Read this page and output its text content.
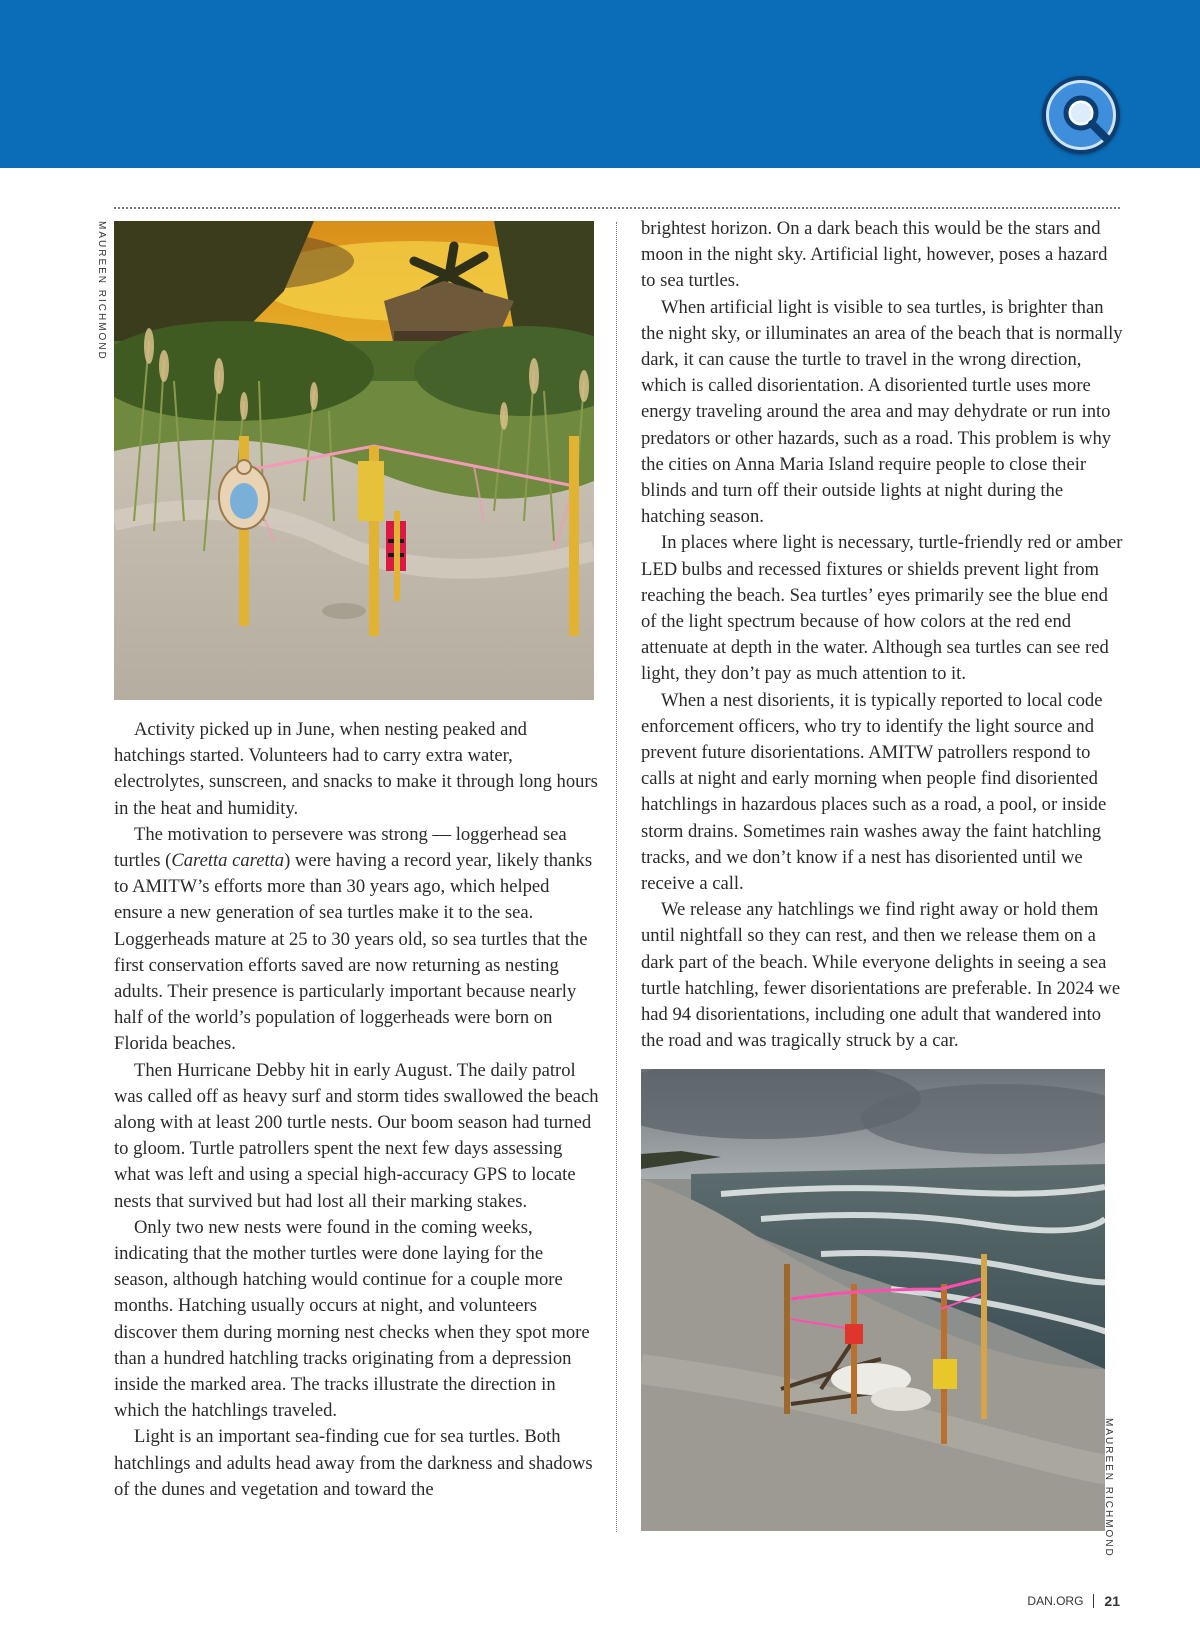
MAUREEN RICHMOND

Activity picked up in June, when nesting peaked and hatchings started. Volunteers had to carry extra water, electrolytes, sunscreen, and snacks to make it through long hours in the heat and humidity.

The motivation to persevere was strong — loggerhead sea turtles (Caretta caretta) were having a record year, likely thanks to AMITW’s efforts more than 30 years ago, which helped ensure a new generation of sea turtles make it to the sea. Loggerheads mature at 25 to 30 years old, so sea turtles that the first conservation efforts saved are now returning as nesting adults. Their presence is particularly important because nearly half of the world’s population of loggerheads were born on Florida beaches.

Then Hurricane Debby hit in early August. The daily patrol was called off as heavy surf and storm tides swallowed the beach along with at least 200 turtle nests. Our boom season had turned to gloom. Turtle patrollers spent the next few days assessing what was left and using a special high-accuracy GPS to locate nests that survived but had lost all their marking stakes.

Only two new nests were found in the coming weeks, indicating that the mother turtles were done laying for the season, although hatching would continue for a couple more months. Hatching usually occurs at night, and volunteers discover them during morning nest checks when they spot more than a hundred hatchling tracks originating from a depression inside the marked area. The tracks illustrate the direction in which the hatchlings traveled.

Light is an important sea-finding cue for sea turtles. Both hatchlings and adults head away from the darkness and shadows of the dunes and vegetation and toward the

brightest horizon. On a dark beach this would be the stars and moon in the night sky. Artificial light, however, poses a hazard to sea turtles.

When artificial light is visible to sea turtles, is brighter than the night sky, or illuminates an area of the beach that is normally dark, it can cause the turtle to travel in the wrong direction, which is called disorientation. A disoriented turtle uses more energy traveling around the area and may dehydrate or run into predators or other hazards, such as a road. This problem is why the cities on Anna Maria Island require people to close their blinds and turn off their outside lights at night during the hatching season.

In places where light is necessary, turtle-friendly red or amber LED bulbs and recessed fixtures or shields prevent light from reaching the beach. Sea turtles’ eyes primarily see the blue end of the light spectrum because of how colors at the red end attenuate at depth in the water. Although sea turtles can see red light, they don’t pay as much attention to it.

When a nest disorients, it is typically reported to local code enforcement officers, who try to identify the light source and prevent future disorientations. AMITW patrollers respond to calls at night and early morning when people find disoriented hatchlings in hazardous places such as a road, a pool, or inside storm drains. Sometimes rain washes away the faint hatchling tracks, and we don’t know if a nest has disoriented until we receive a call.

We release any hatchlings we find right away or hold them until nightfall so they can rest, and then we release them on a dark part of the beach. While everyone delights in seeing a sea turtle hatchling, fewer disorientations are preferable. In 2024 we had 94 disorientations, including one adult that wandered into the road and was tragically struck by a car.

MAUREEN RICHMOND
DAN.ORG 21
